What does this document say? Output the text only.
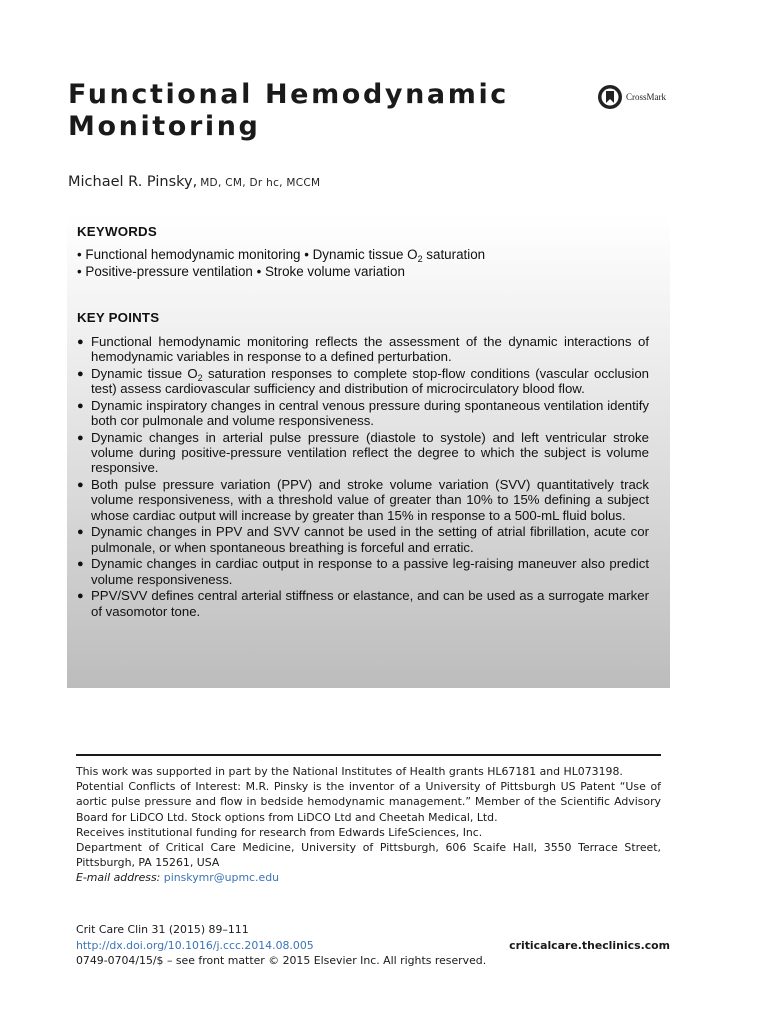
Functional Hemodynamic
Monitoring
CrossMark
Michael R. Pinsky, MD, CM, Dr hc, MCCM
KEYWORDS
• Functional hemodynamic monitoring • Dynamic tissue $O_2$ saturation
• Positive-pressure ventilation • Stroke volume variation
KEY POINTS
● Functional hemodynamic monitoring reflects the assessment of the dynamic interactions of hemodynamic variables in response to a defined perturbation.
● Dynamic tissue $O_2$ saturation responses to complete stop-flow conditions (vascular occlusion test) assess cardiovascular sufficiency and distribution of microcirculatory blood flow.
● Dynamic inspiratory changes in central venous pressure during spontaneous ventilation identify both cor pulmonale and volume responsiveness.
● Dynamic changes in arterial pulse pressure (diastole to systole) and left ventricular stroke volume during positive-pressure ventilation reflect the degree to which the subject is volume responsive.
● Both pulse pressure variation (PPV) and stroke volume variation (SVV) quantitatively track volume responsiveness, with a threshold value of greater than 10% to 15% defining a subject whose cardiac output will increase by greater than 15% in response to a 500-mL fluid bolus.
● Dynamic changes in PPV and SVV cannot be used in the setting of atrial fibrillation, acute cor pulmonale, or when spontaneous breathing is forceful and erratic.
● Dynamic changes in cardiac output in response to a passive leg-raising maneuver also predict volume responsiveness.
● PPV/SVV defines central arterial stiffness or elastance, and can be used as a surrogate marker of vasomotor tone.

This work was supported in part by the National Institutes of Health grants HL67181 and HL073198.

Potential Conflicts of Interest: M.R. Pinsky is the inventor of a University of Pittsburgh US Patent “Use of aortic pulse pressure and flow in bedside hemodynamic management.” Member of the Scientific Advisory Board for LiDCO Ltd. Stock options from LiDCO Ltd and Cheetah Medical, Ltd.

Receives institutional funding for research from Edwards LifeSciences, Inc.

Department of Critical Care Medicine, University of Pittsburgh, 606 Scaife Hall, 3550 Terrace Street, Pittsburgh, PA 15261, USA

E-mail address: pinskymr@upmc.edu

Crit Care Clin 31 (2015) 89–111
http://dx.doi.org/10.1016/j.ccc.2014.08.005	criticalcare.theclinics.com
0749-0704/15/$ – see front matter © 2015 Elsevier Inc. All rights reserved.
